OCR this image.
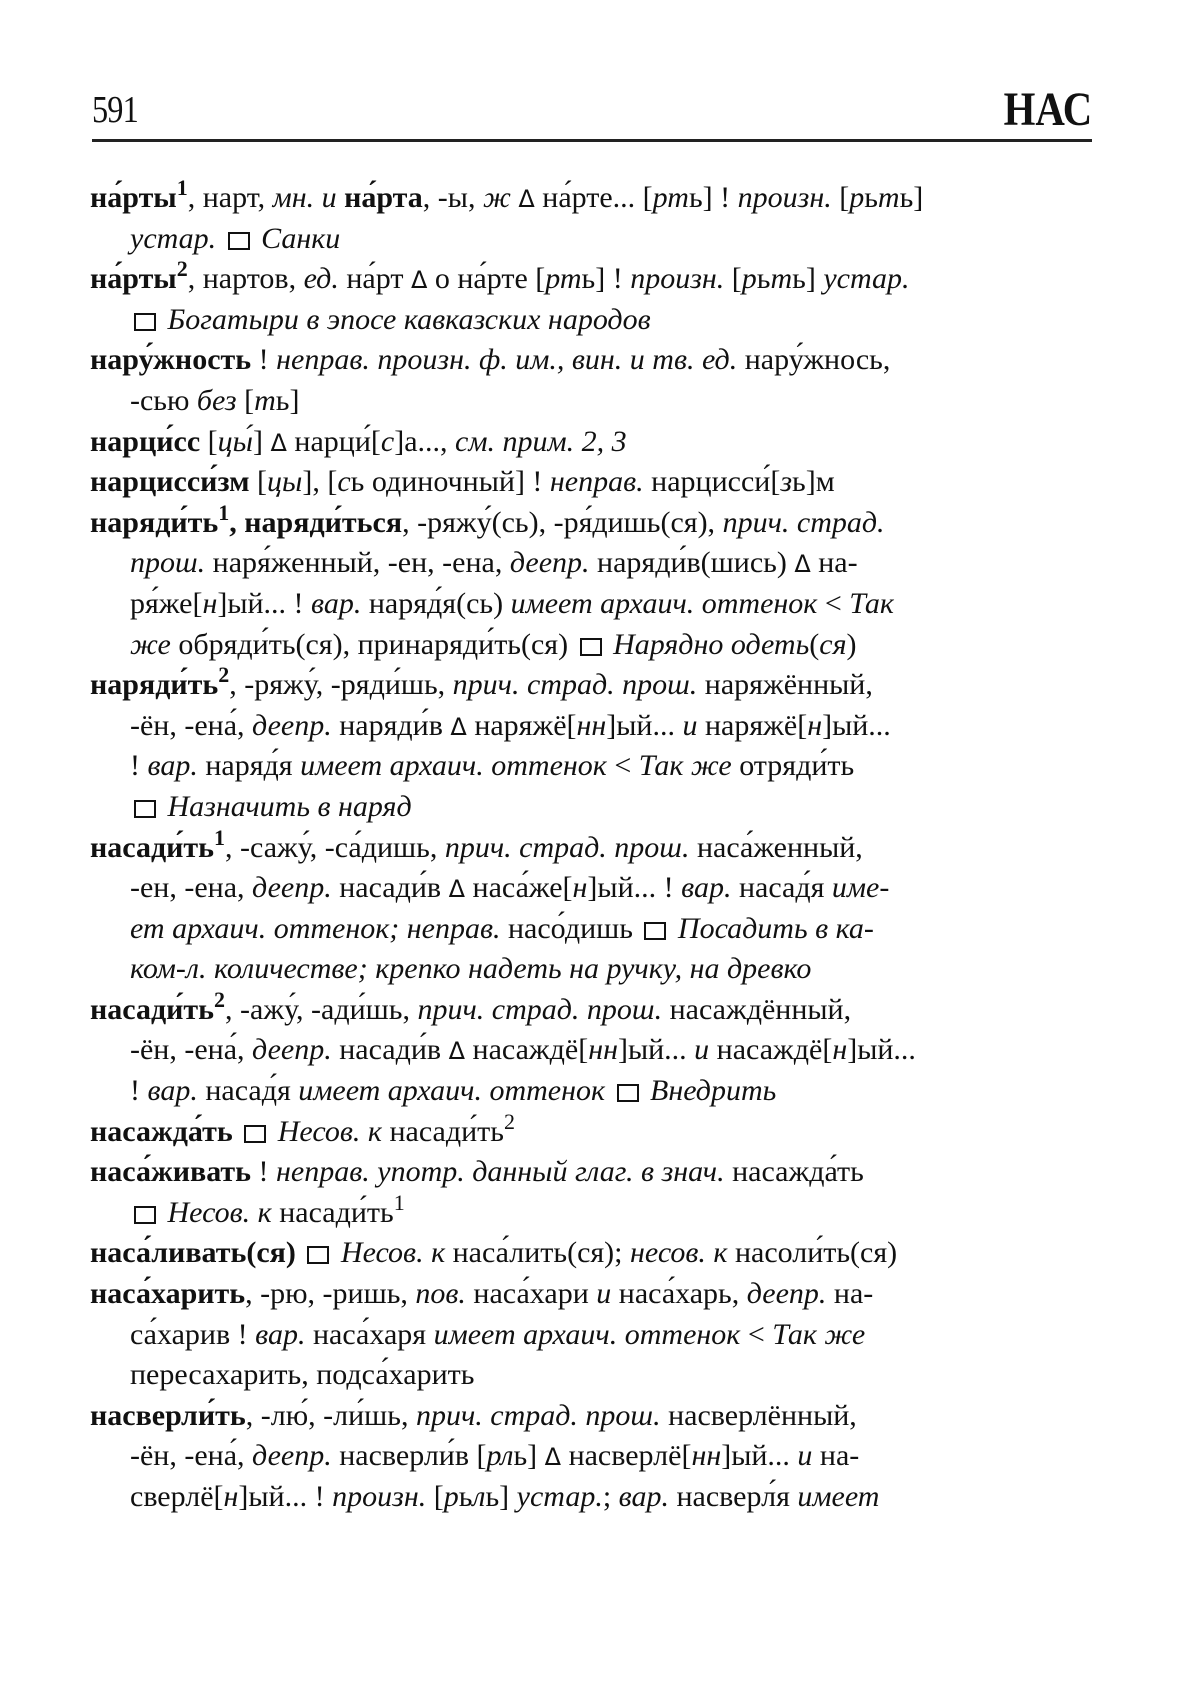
591	НАС
на́рты$^1$, нарт, мн. и на́рта, -ы, ж Δ на́рте... [рть] ! произн. [рьть]
устар.  Санки
на́рты$^2$, нартов, ед. на́рт Δ о на́рте [рть] ! произн. [рьть] устар.
Богатыри в эпосе кавказских народов
нару́жность ! неправ. произн. ф. им., вин. и тв. ед. нару́жнось,
-сью без [ть]
нарци́сс [цы́] Δ нарци́[с]а..., см. прим. 2, 3
нарцисси́зм [цы], [сь одиночный] ! неправ. нарцисси́[зь]м
$наряди́ть^1$, наряди́ться, -ряжу́(сь), -ря́дишь(ся), прич. страд.
прош. наря́женный, -ен, -ена, деепр. наряди́в(шись) Δ на-
ря́же[н]ый... ! вар. наряд́я(сь) имеет архаич. оттенок < Так
же обряди́ть(ся), принаряди́ть(ся)  Нарядно одеть(ся)
$наряди́ть^2$, -ряжу́, -ряди́шь, прич. страд. прош. наряжённый,
-ён, -ена́, деепр. наряди́в Δ наряжё[нн]ый... и наряжё[н]ый...
! вар. наряд́я имеет архаич. оттенок < Так же отряди́ть
Назначить в наряд
$насади́ть^1$, -сажу́, -са́дишь, прич. страд. прош. наса́женный,
-ен, -ена, деепр. насади́в Δ наса́же[н]ый... ! вар. насад́я име-
ет архаич. оттенок; неправ. насо́дишь  Посадить в ка-
ком-л. количестве; крепко надеть на ручку, на древко
$насади́ть^2$, -ажу́, -ади́шь, прич. страд. прош. насаждённый,
-ён, -ена́, деепр. насади́в Δ насаждё[нн]ый... и насаждё[н]ый...
! вар. насад́я имеет архаич. оттенок  Внедрить
насажда́ть  Несов. к $насади́ть^2$
наса́живать ! неправ. употр. данный глаг. в знач. насажда́ть
Несов. к $насади́ть^1$
наса́ливать(ся)  Несов. к наса́лить(ся); несов. к насоли́ть(ся)
наса́харить, -рю, -ришь, пов. наса́хари и наса́харь, деепр. на-
са́харив ! вар. наса́харя имеет архаич. оттенок < Так же
пересахарить, подса́харить
насверли́ть, -лю́, -ли́шь, прич. страд. прош. насверлённый,
-ён, -ена́, деепр. насверли́в [рль] Δ насверлё[нн]ый... и на-
сверлё[н]ый... ! произн. [рьль] устар.; вар. насверл́я имеет
